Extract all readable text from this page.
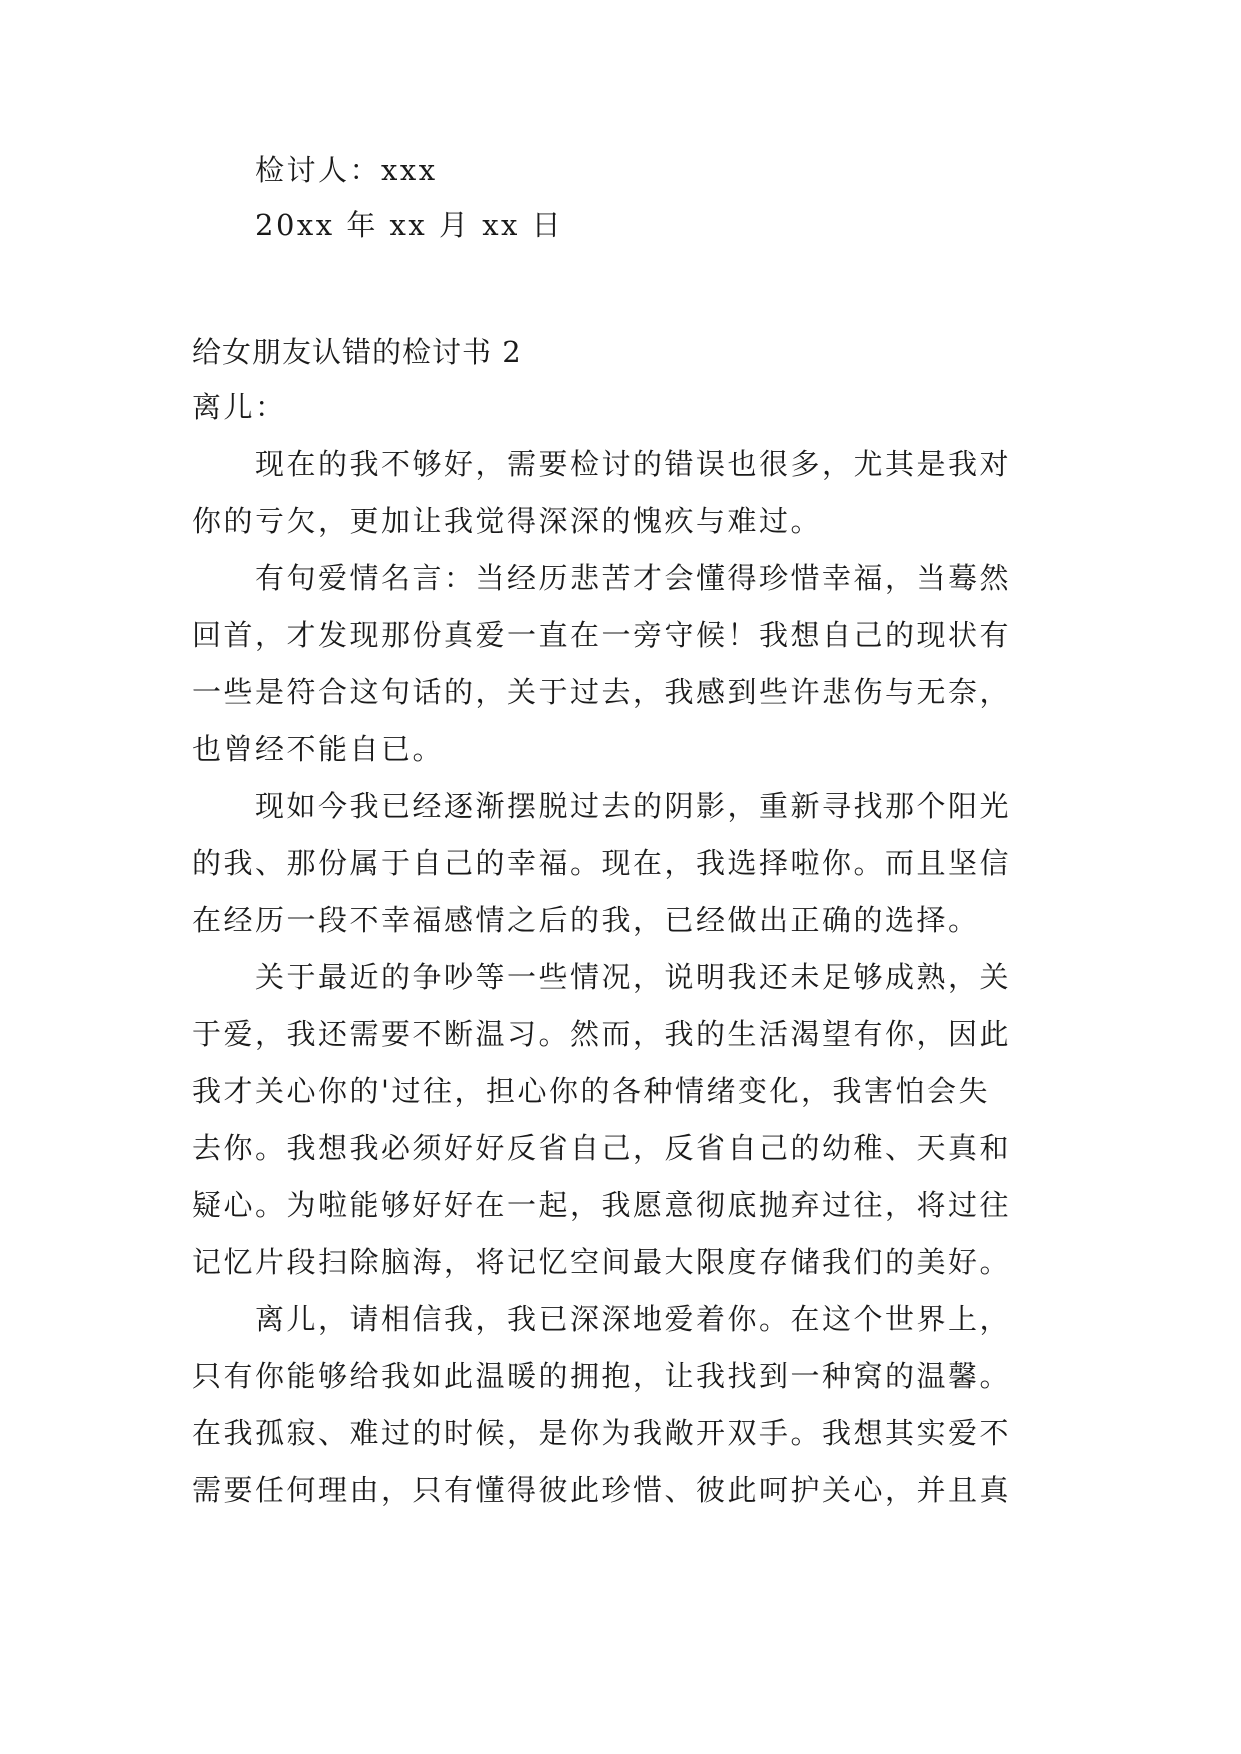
检讨人：xxx
20xx 年 xx 月 xx 日
给女朋友认错的检讨书 2
离儿：
现在的我不够好，需要检讨的错误也很多，尤其是我对
你的亏欠，更加让我觉得深深的愧疚与难过。
有句爱情名言：当经历悲苦才会懂得珍惜幸福，当蓦然
回首，才发现那份真爱一直在一旁守候！我想自己的现状有
一些是符合这句话的，关于过去，我感到些许悲伤与无奈，
也曾经不能自已。
现如今我已经逐渐摆脱过去的阴影，重新寻找那个阳光
的我、那份属于自己的幸福。现在，我选择啦你。而且坚信
在经历一段不幸福感情之后的我，已经做出正确的选择。
关于最近的争吵等一些情况，说明我还未足够成熟，关
于爱，我还需要不断温习。然而，我的生活渴望有你，因此
我才关心你的'过往，担心你的各种情绪变化，我害怕会失
去你。我想我必须好好反省自己，反省自己的幼稚、天真和
疑心。为啦能够好好在一起，我愿意彻底抛弃过往，将过往
记忆片段扫除脑海，将记忆空间最大限度存储我们的美好。
离儿，请相信我，我已深深地爱着你。在这个世界上，
只有你能够给我如此温暖的拥抱，让我找到一种窝的温馨。
在我孤寂、难过的时候，是你为我敞开双手。我想其实爱不
需要任何理由，只有懂得彼此珍惜、彼此呵护关心，并且真
